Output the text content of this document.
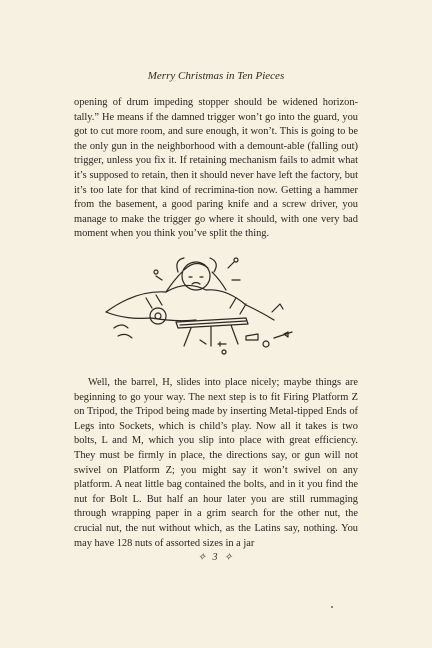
Merry Christmas in Ten Pieces

opening of drum impeding stopper should be widened horizon-tally.” He means if the damned trigger won’t go into the guard, you got to cut more room, and sure enough, it won’t. This is going to be the only gun in the neighborhood with a demount-able (falling out) trigger, unless you fix it. If retaining mechanism fails to admit what it’s supposed to retain, then it should never have left the factory, but it’s too late for that kind of recrimina-tion now. Getting a hammer from the basement, a good paring knife and a screw driver, you manage to make the trigger go where it should, with one very bad moment when you think you’ve split the thing.

Well, the barrel, H, slides into place nicely; maybe things are beginning to go your way. The next step is to fit Firing Platform Z on Tripod, the Tripod being made by inserting Metal-tipped Ends of Legs into Sockets, which is child’s play. Now all it takes is two bolts, L and M, which you slip into place with great efficiency. They must be firmly in place, the directions say, or gun will not swivel on Platform Z; you might say it won’t swivel on any platform. A neat little bag contained the bolts, and in it you find the nut for Bolt L. But half an hour later you are still rummaging through wrapping paper in a grim search for the other nut, the crucial nut, the nut without which, as the Latins say, nothing. You may have 128 nuts of assorted sizes in a jar

✧ 3 ✧
